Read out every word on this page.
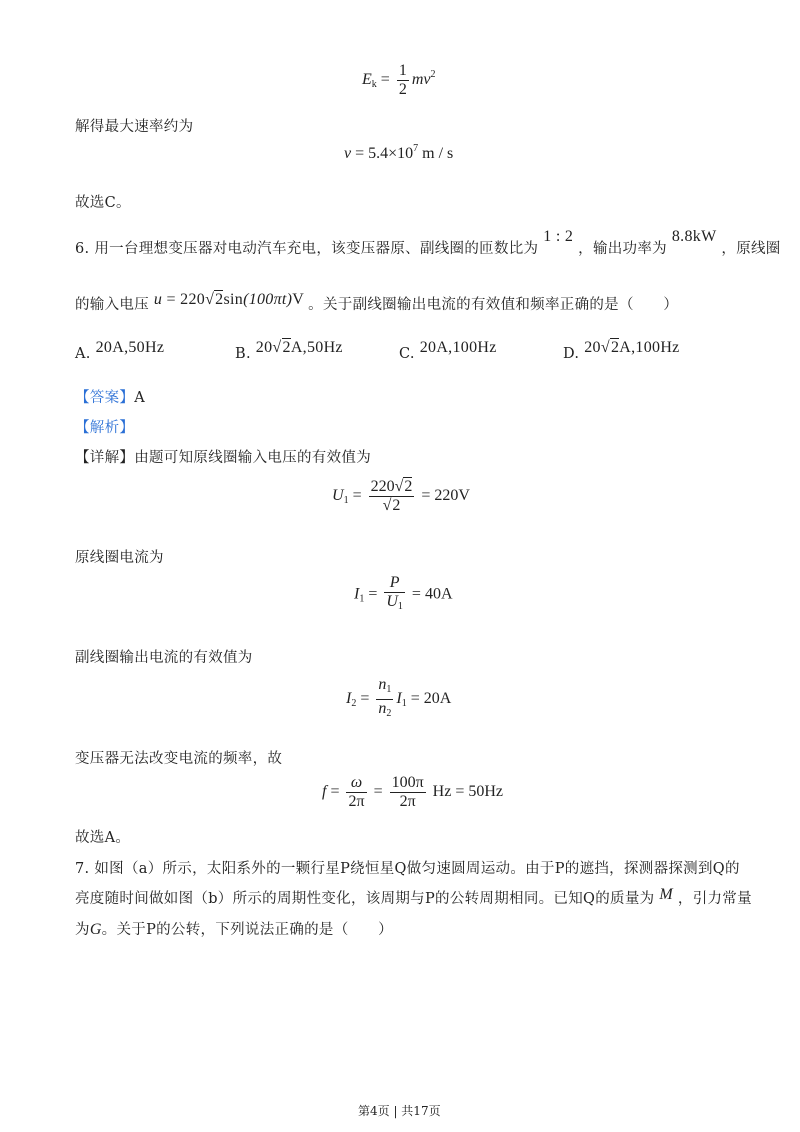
$E_k = \frac{1}{2} mv^2$
解得最大速率约为
$v = 5.4\times 10^7$ m / s
故选C。
6. 用一台理想变压器对电动汽车充电，该变压器原、副线圈的匝数比为 1 : 2 ，输出功率为 8.8kW ，原线圈
的输入电压 u = 220√2sin(100πt)V 。关于副线圈输出电流的有效值和频率正确的是（　　）
A. 20A,50Hz	B. 20√2A,50Hz	C. 20A,100Hz	D. 20√2A,100Hz
【答案】A
【解析】
【详解】由题可知原线圈输入电压的有效值为
$U_1 = \frac{220√2}{√2} = 220V$
原线圈电流为
$I_1 = \frac{P}{U_1} = 40A$
副线圈输出电流的有效值为
$I_2 = \frac{n_1}{n_2} I_1 = 20A$
变压器无法改变电流的频率，故
$f = \frac{\omega}{2\pi} = \frac{100\pi}{2\pi}$ Hz = 50Hz
故选A。
7. 如图（a）所示，太阳系外的一颗行星P绕恒星Q做匀速圆周运动。由于P的遮挡，探测器探测到Q的
亮度随时间做如图（b）所示的周期性变化，该周期与P的公转周期相同。已知Q的质量为 M ，引力常量
为G。关于P的公转，下列说法正确的是（　　）
第4页 | 共17页
